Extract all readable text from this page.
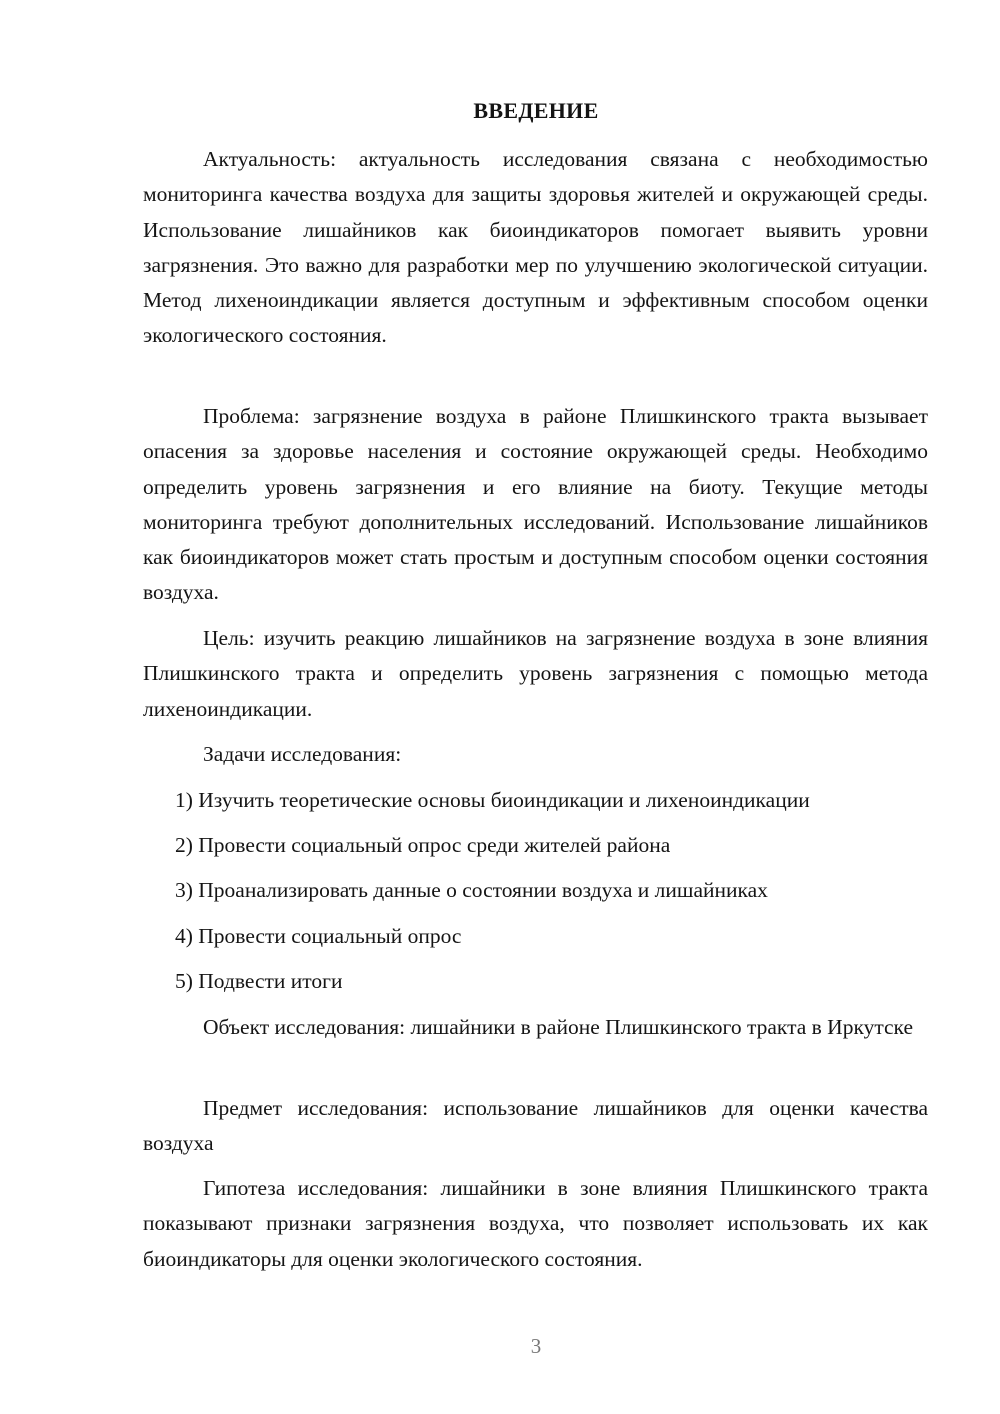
ВВЕДЕНИЕ

Актуальность: актуальность исследования связана с необходимостью мониторинга качества воздуха для защиты здоровья жителей и окружающей среды. Использование лишайников как биоиндикаторов помогает выявить уровни загрязнения. Это важно для разработки мер по улучшению экологической ситуации. Метод лихеноиндикации является доступным и эффективным способом оценки экологического состояния.

Проблема: загрязнение воздуха в районе Плишкинского тракта вызывает опасения за здоровье населения и состояние окружающей среды. Необходимо определить уровень загрязнения и его влияние на биоту. Текущие методы мониторинга требуют дополнительных исследований. Использование лишайников как биоиндикаторов может стать простым и доступным способом оценки состояния воздуха.

Цель: изучить реакцию лишайников на загрязнение воздуха в зоне влияния Плишкинского тракта и определить уровень загрязнения с помощью метода лихеноиндикации.

Задачи исследования:

1) Изучить теоретические основы биоиндикации и лихеноиндикации

2) Провести социальный опрос среди жителей района

3) Проанализировать данные о состоянии воздуха и лишайниках

4) Провести социальный опрос

5) Подвести итоги

Объект исследования: лишайники в районе Плишкинского тракта в Иркутске

Предмет исследования: использование лишайников для оценки качества воздуха

Гипотеза исследования: лишайники в зоне влияния Плишкинского тракта показывают признаки загрязнения воздуха, что позволяет использовать их как биоиндикаторы для оценки экологического состояния.

3
